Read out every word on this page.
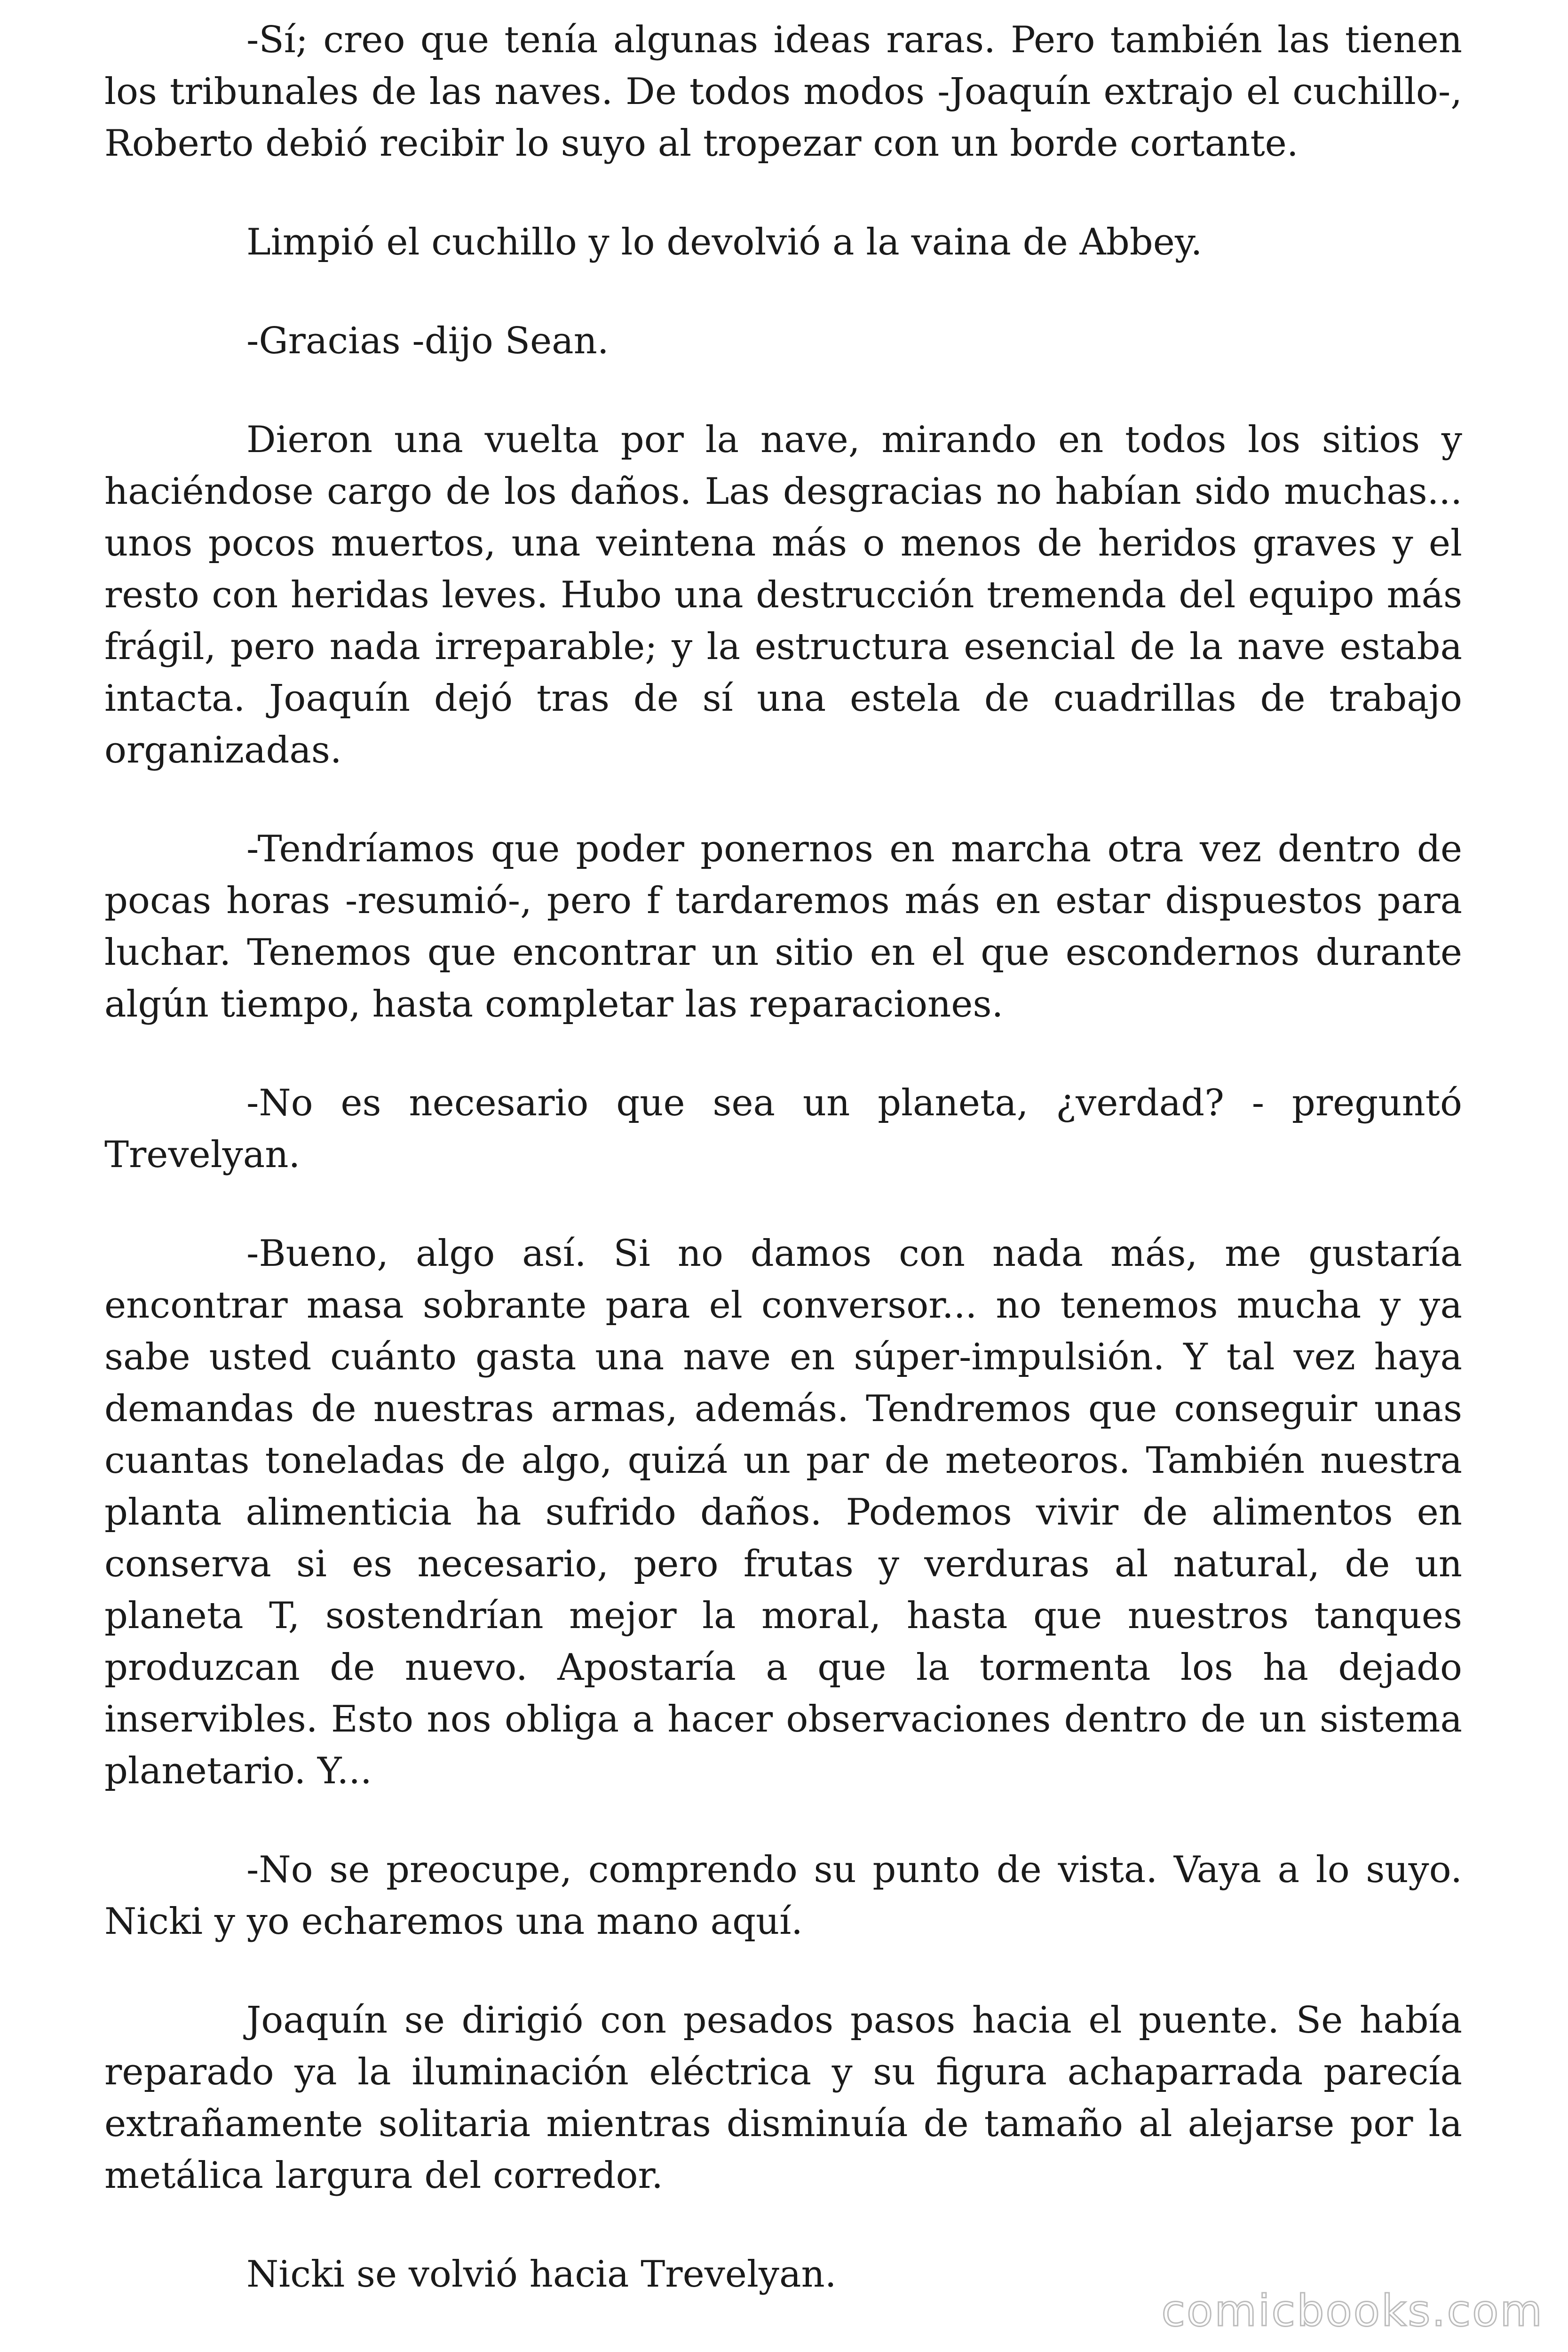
-Sí; creo que tenía algunas ideas raras. Pero también las tienen los tribunales de las naves. De todos modos -Joaquín extrajo el cuchillo-, Roberto debió recibir lo suyo al tropezar con un borde cortante.

Limpió el cuchillo y lo devolvió a la vaina de Abbey.

-Gracias -dijo Sean.

Dieron una vuelta por la nave, mirando en todos los sitios y haciéndose cargo de los daños. Las desgracias no habían sido muchas... unos pocos muertos, una veintena más o menos de heridos graves y el resto con heridas leves. Hubo una destrucción tremenda del equipo más frágil, pero nada irreparable; y la estructura esencial de la nave estaba intacta. Joaquín dejó tras de sí una estela de cuadrillas de trabajo organizadas.

-Tendríamos que poder ponernos en marcha otra vez dentro de pocas horas -resumió-, pero f tardaremos más en estar dispuestos para luchar. Tenemos que encontrar un sitio en el que escondernos durante algún tiempo, hasta completar las reparaciones.

-No es necesario que sea un planeta, ¿verdad? - preguntó Trevelyan.

-Bueno, algo así. Si no damos con nada más, me gustaría encontrar masa sobrante para el conversor... no tenemos mucha y ya sabe usted cuánto gasta una nave en súper-impulsión. Y tal vez haya demandas de nuestras armas, además. Tendremos que conseguir unas cuantas toneladas de algo, quizá un par de meteoros. También nuestra planta alimenticia ha sufrido daños. Podemos vivir de alimentos en conserva si es necesario, pero frutas y verduras al natural, de un planeta T, sostendrían mejor la moral, hasta que nuestros tanques produzcan de nuevo. Apostaría a que la tormenta los ha dejado inservibles. Esto nos obliga a hacer observaciones dentro de un sistema planetario. Y...

-No se preocupe, comprendo su punto de vista. Vaya a lo suyo. Nicki y yo echaremos una mano aquí.

Joaquín se dirigió con pesados pasos hacia el puente. Se había reparado ya la iluminación eléctrica y su figura achaparrada parecía extrañamente solitaria mientras disminuía de tamaño al alejarse por la metálica largura del corredor.

Nicki se volvió hacia Trevelyan.

comicbooks.com
